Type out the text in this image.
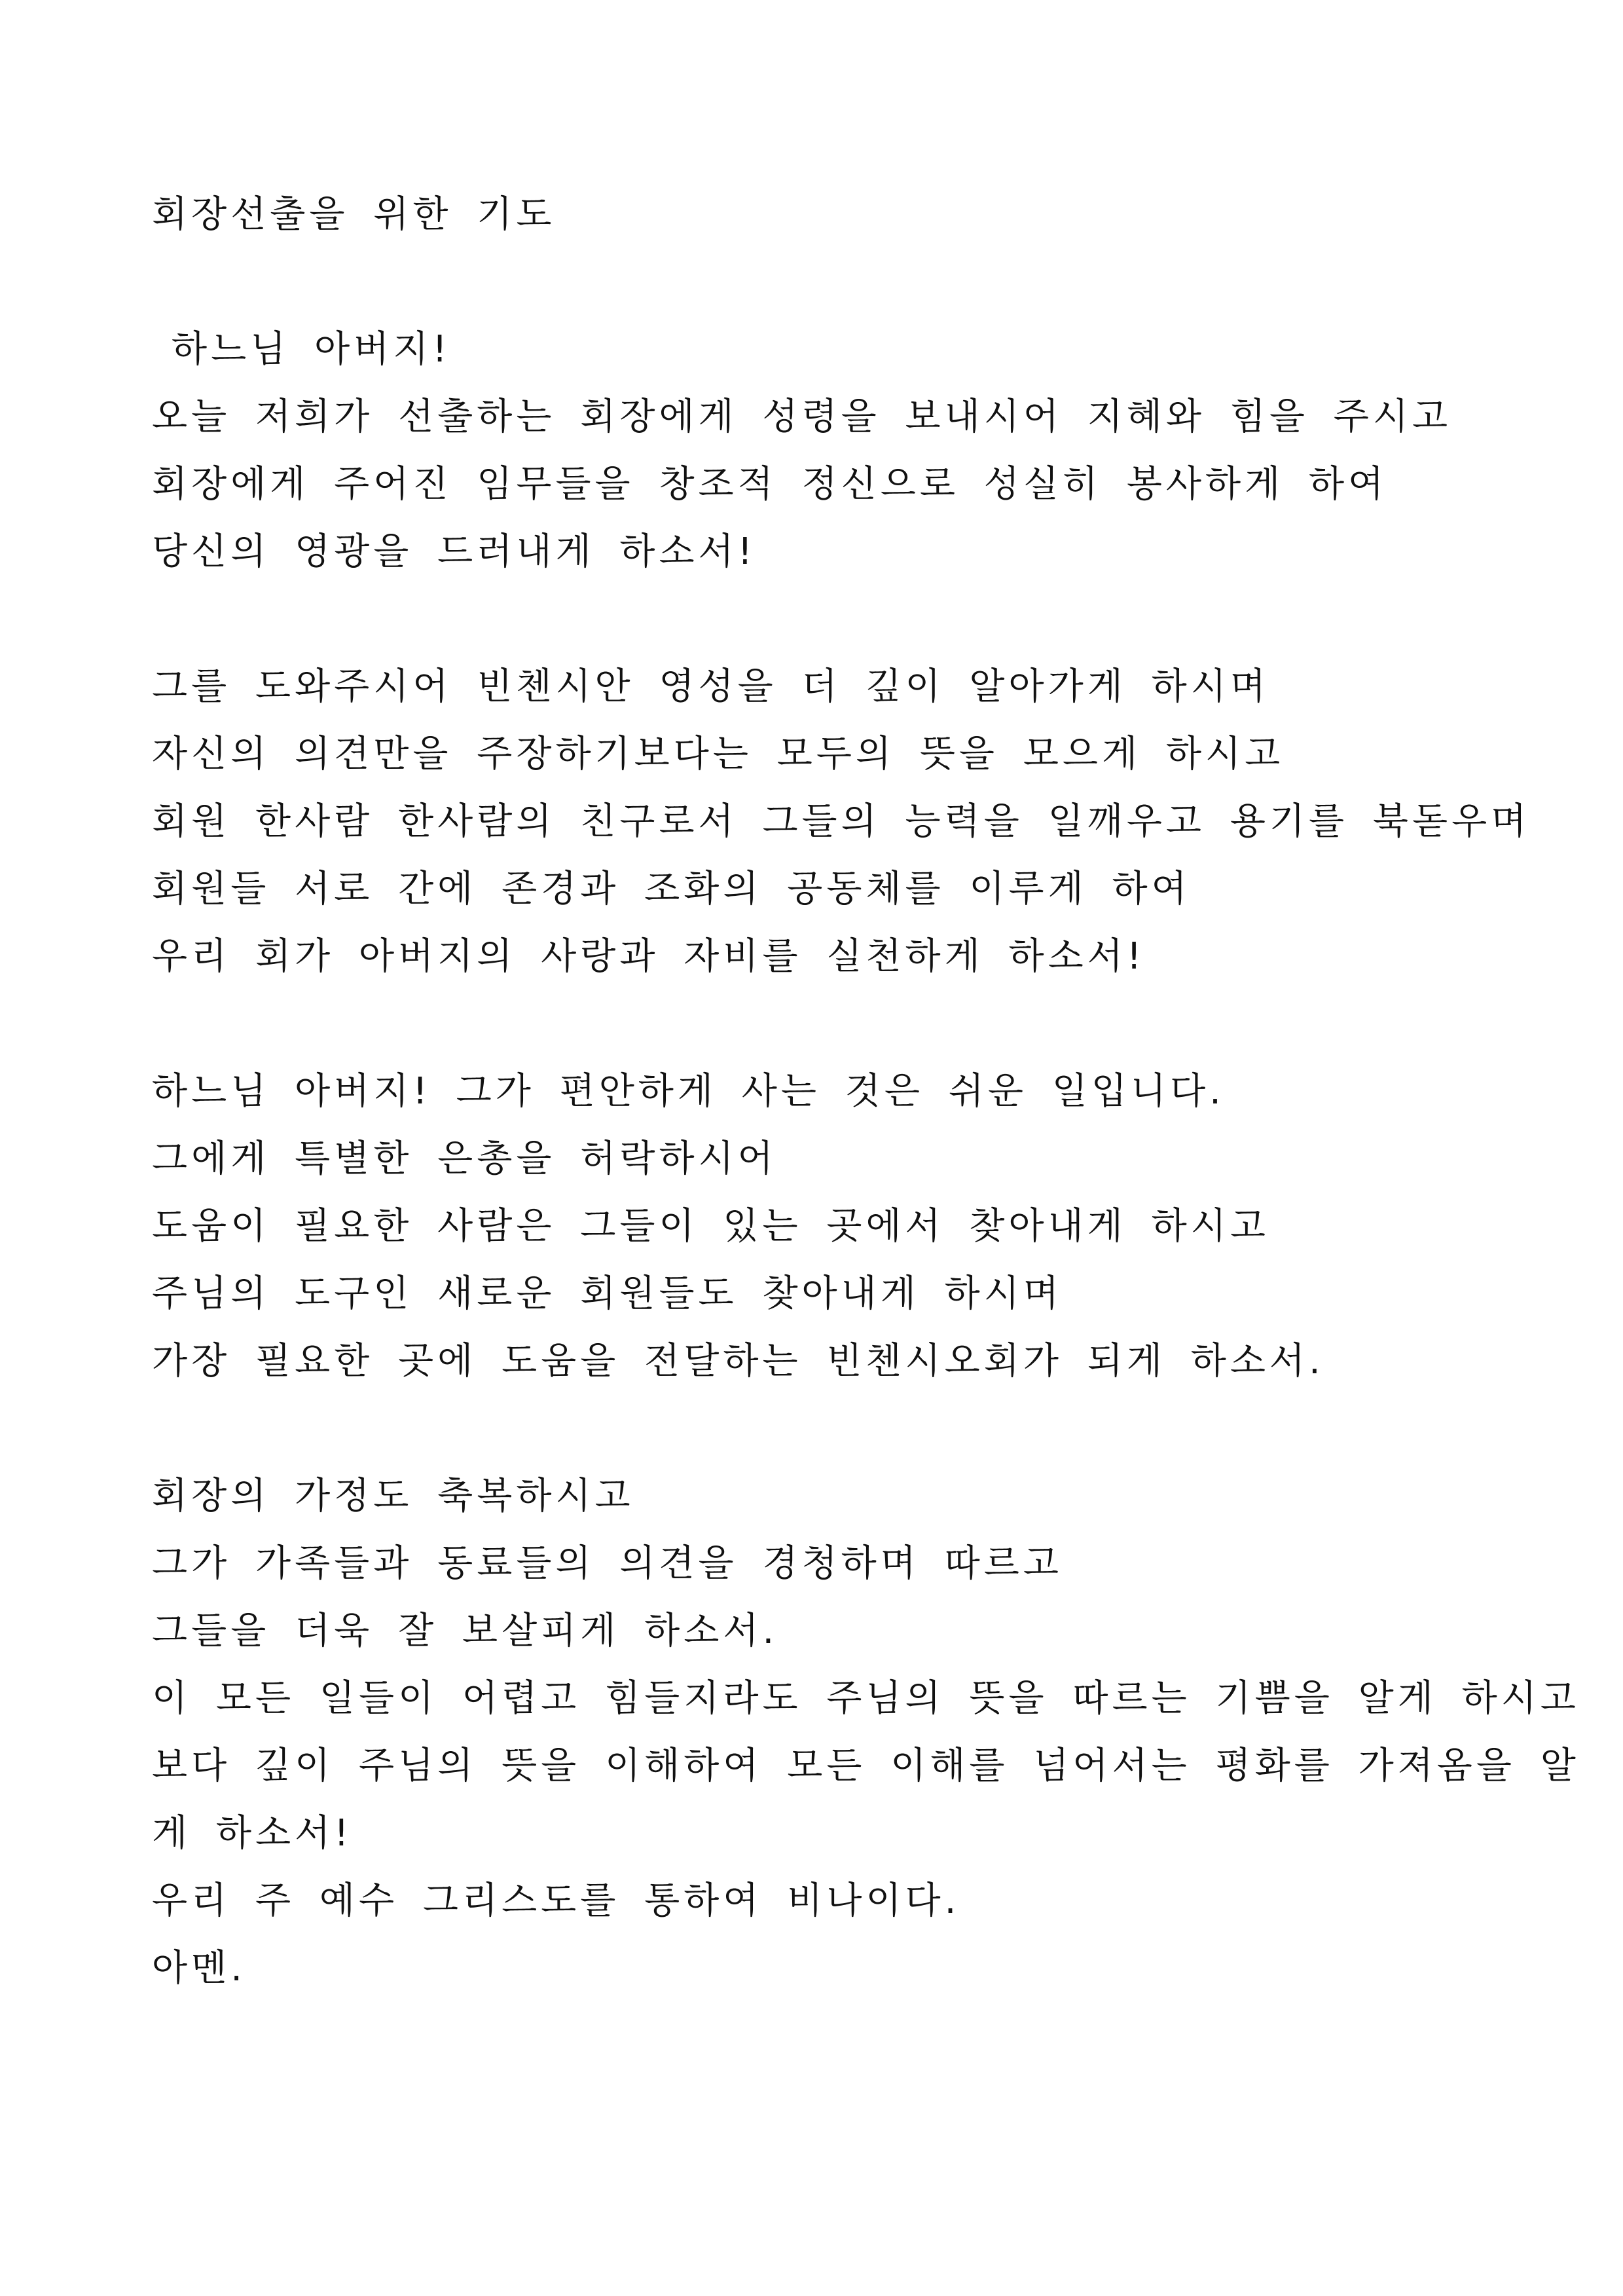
회장선출을 위한 기도
하느님 아버지!
오늘 저희가 선출하는 회장에게 성령을 보내시어 지혜와 힘을 주시고
회장에게 주어진 임무들을 창조적 정신으로 성실히 봉사하게 하여
당신의 영광을 드러내게 하소서!
그를 도와주시어 빈첸시안 영성을 더 깊이 알아가게 하시며
자신의 의견만을 주장하기보다는 모두의 뜻을 모으게 하시고
회원 한사람 한사람의 친구로서 그들의 능력을 일깨우고 용기를 북돋우며
회원들 서로 간에 존경과 조화의 공동체를 이루게 하여
우리 회가 아버지의 사랑과 자비를 실천하게 하소서!
하느님 아버지! 그가 편안하게 사는 것은 쉬운 일입니다.
그에게 특별한 은총을 허락하시어
도움이 필요한 사람은 그들이 있는 곳에서 찾아내게 하시고
주님의 도구인 새로운 회원들도 찾아내게 하시며
가장 필요한 곳에 도움을 전달하는 빈첸시오회가 되게 하소서.
회장의 가정도 축복하시고
그가 가족들과 동료들의 의견을 경청하며 따르고
그들을 더욱 잘 보살피게 하소서.
이 모든 일들이 어렵고 힘들지라도 주님의 뜻을 따르는 기쁨을 알게 하시고
보다 깊이 주님의 뜻을 이해하여 모든 이해를 넘어서는 평화를 가져옴을 알
게 하소서!
우리 주 예수 그리스도를 통하여 비나이다.
아멘.
